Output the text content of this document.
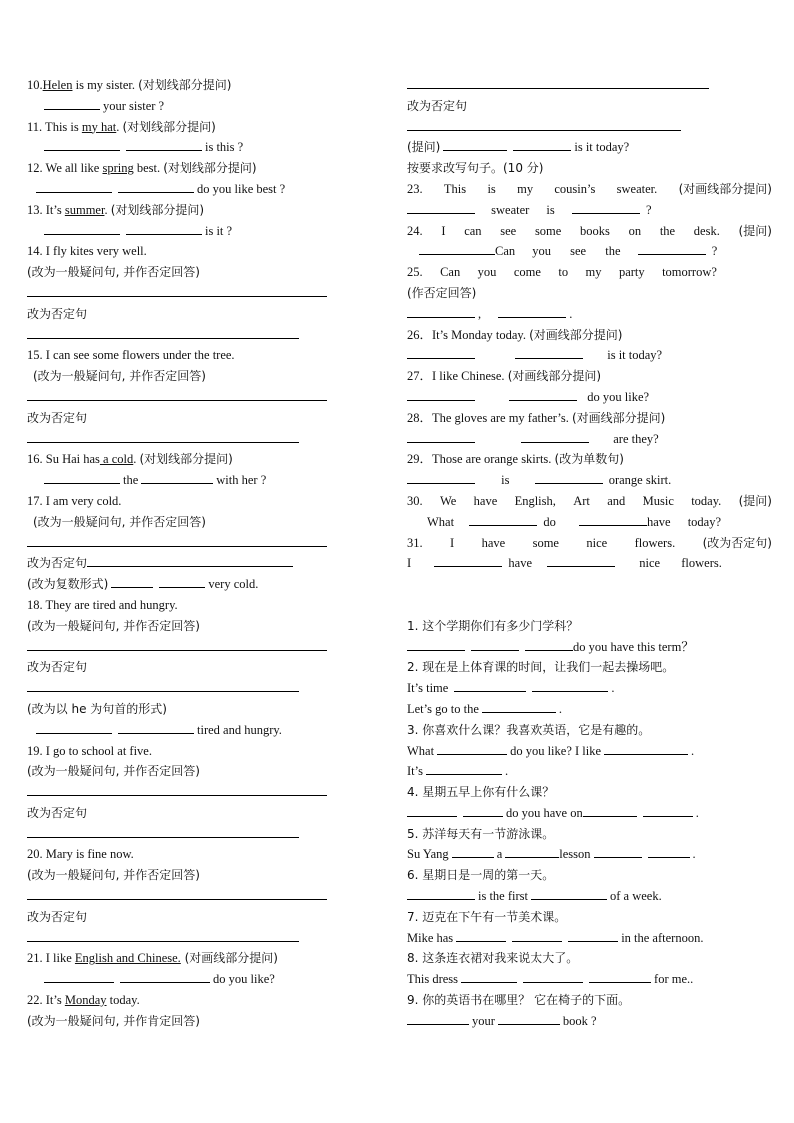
10.Helen is my sister. (对划线部分提问)
your sister ?
11. This is my hat. (对划线部分提问)
is this ?
12. We all like spring best. (对划线部分提问)
do you like best ?
13. It’s summer. (对划线部分提问)
is it ?
14. I fly kites very well.
(改为一般疑问句, 并作否定回答)
改为否定句
15. I can see some flowers under the tree.
(改为一般疑问句, 并作否定回答)
改为否定句
16. Su Hai has a cold. (对划线部分提问)
the	with her ?
17. I am very cold.
(改为一般疑问句, 并作否定回答)
改为否定句
(改为复数形式)	very cold.
18. They are tired and hungry.
(改为一般疑问句, 并作否定回答)
改为否定句
(改为以 he 为句首的形式)
tired and hungry.
19. I go to school at five.
(改为一般疑问句, 并作否定回答)
改为否定句
20. Mary is fine now.
(改为一般疑问句, 并作否定回答)
改为否定句
21. I like English and Chinese. (对画线部分提问)
do you like?
22. It’s Monday today.
(改为一般疑问句, 并作肯定回答)
改为否定句
(提问)	is it today?
按要求改写句子。(10 分)
23. This is my cousin’s sweater. (对画线部分提问)
sweater is	?
24. I can see some books on the desk. (提问)
Can you see the	?
25. Can you come to my party tomorrow?
(作否定回答)
,	.
26．It’s Monday today. (对画线部分提问)
is it today?
27．I like Chinese. (对画线部分提问)
do you like?
28．The gloves are my father’s. (对画线部分提问)
are they?
29．Those are orange skirts. (改为单数句)
is	orange skirt.
30. We have English, Art and Music today. (提问)
What	do	have today?
31. I have some nice flowers. (改为否定句)
I	have	nice flowers.
1. 这个学期你们有多少门学科？
do you have this term？
2. 现在是上体育课的时间，让我们一起去操场吧。
It’s time	.
Let’s go to the	.
3. 你喜欢什么课？我喜欢英语，它是有趣的。
What	do you like? I like	.
It’s	.
4. 星期五早上你有什么课？
do you have on	.
5. 苏洋每天有一节游泳课。
Su Yang	a	lesson	.
6. 星期日是一周的第一天。
is the first	of a week.
7. 迈克在下午有一节美术课。
Mike has	in the afternoon.
8. 这条连衣裙对我来说太大了。
This dress	for me..
9. 你的英语书在哪里？ 它在椅子的下面。
your	book ?
